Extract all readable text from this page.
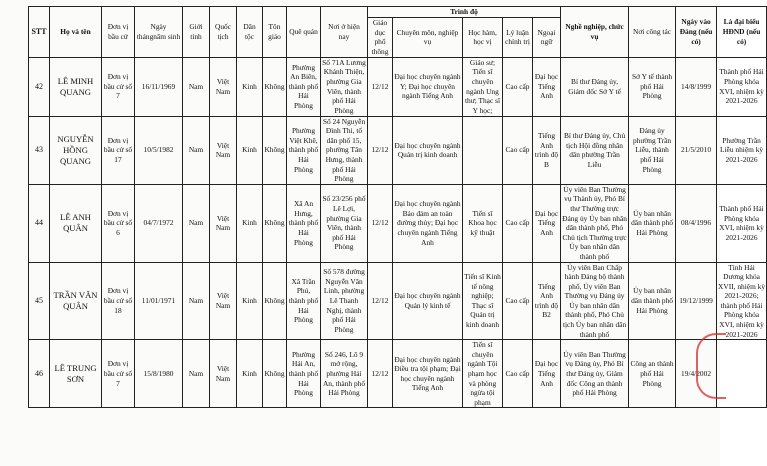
STT	Họ và tên	Đơn vị bầu cử	Ngày thángnăm sinh	Giới tính	Quốc tịch	Dân tộc	Tôn giáo	Quê quán	Nơi ở hiện nay	Trình độ					Nghề nghiệp, chức vụ	Nơi công tác	Ngày vào Đảng (nếu có)	Là đại biểu HĐND (nếu có)
										Giáo dục phổ thông	Chuyên môn, nghiệp vụ	Học hàm, học vị	Lý luận chính trị	Ngoại ngữ				
42	LÊ MINH QUANG	Đơn vị bầu cử số 7	16/11/1969	Nam	Việt Nam	Kinh	Không	Phường An Biên, thành phố Hải Phòng	Số 71A Lương Khánh Thiện, phường Gia Viên, thành phố Hải Phòng	12/12	Đại học chuyên ngành Y; Đại học chuyên ngành Tiếng Anh	Giáo sư; Tiến sĩ chuyên ngành Ung thư; Thạc sĩ Y học;	Cao cấp	Đại học Tiếng Anh	Bí thư Đảng ủy, Giám đốc Sở Y tế	Sở Y tế thành phố Hải Phòng	14/8/1999	Thành phố Hải Phòng khóa XVI, nhiệm kỳ 2021-2026
43	NGUYỄN HỒNG QUANG	Đơn vị bầu cử số 17	10/5/1982	Nam	Việt Nam	Kinh	Không	Phường Việt Khê, thành phố Hải Phòng	Số 24 Nguyễn Đình Thi, tổ dân phố 15, phường Tân Hưng, thành phố Hải Phòng	12/12	Đại học chuyên ngành Quản trị kinh doanh		Cao cấp	Tiếng Anh trình độ B	Bí thư Đảng ủy, Chủ tịch Hội đồng nhân dân phường Trần Liễu	Đảng ủy phường Trần Liễu, thành phố Hải Phòng	21/5/2010	Phường Trần Liễu nhiệm kỳ 2021-2026
44	LÊ ANH QUÂN	Đơn vị bầu cử số 6	04/7/1972	Nam	Việt Nam	Kinh	Không	Xã An Hưng, thành phố Hải Phòng	Số 23/256 phố Lê Lợi, phường Gia Viên, thành phố Hải Phòng	12/12	Đại học chuyên ngành Bảo đảm an toàn đường thủy; Đại học chuyên ngành Tiếng Anh	Tiến sĩ Khoa học kỹ thuật	Cao cấp	Đại học Tiếng Anh	Ủy viên Ban Thường vụ Thành ủy, Phó Bí thư Thường trực Đảng ủy Ủy ban nhân dân thành phố, Phó Chủ tịch Thường trực Ủy ban nhân dân thành phố	Ủy ban nhân dân thành phố Hải Phòng	08/4/1996	Thành phố Hải Phòng khóa XVI, nhiệm kỳ 2021-2026
45	TRẦN VĂN QUÂN	Đơn vị bầu cử số 18	11/01/1971	Nam	Việt Nam	Kinh	Không	Xã Trần Phú, thành phố Hải Phòng	Số 578 đường Nguyễn Văn Linh, phường Lê Thanh Nghị, thành phố Hải Phòng	12/12	Đại học chuyên ngành Quản lý kinh tế	Tiến sĩ Kinh tế nông nghiệp; Thạc sĩ Quản trị kinh doanh	Cao cấp	Tiếng Anh trình độ B2	Ủy viên Ban Chấp hành Đảng bộ thành phố, Ủy viên Ban Thường vụ Đảng ủy Ủy ban nhân dân thành phố, Phó Chủ tịch Ủy ban nhân dân thành phố	Ủy ban nhân dân thành phố Hải Phòng	19/12/1999	Tỉnh Hải Dương khóa XVII, nhiệm kỳ 2021-2026; thành phố Hải Phòng khóa XVI, nhiệm kỳ 2021-2026
46	LÊ TRUNG SƠN	Đơn vị bầu cử số 7	15/8/1980	Nam	Việt Nam	Kinh	Không	Phường Hải An, thành phố Hải Phòng	Số 246, Lô 9 mở rộng, phường Hải An, thành phố Hải Phòng	12/12	Đại học chuyên ngành Điều tra tội phạm; Đại học chuyên ngành Tiếng Anh	Tiến sĩ chuyên ngành Tội phạm học và phòng ngừa tội phạm	Cao cấp	Đại học Tiếng Anh	Ủy viên Ban Thường vụ Đảng ủy, Phó Bí thư Đảng ủy, Giám đốc Công an thành phố Hải Phòng	Công an thành phố Hải Phòng	19/4/2002	
